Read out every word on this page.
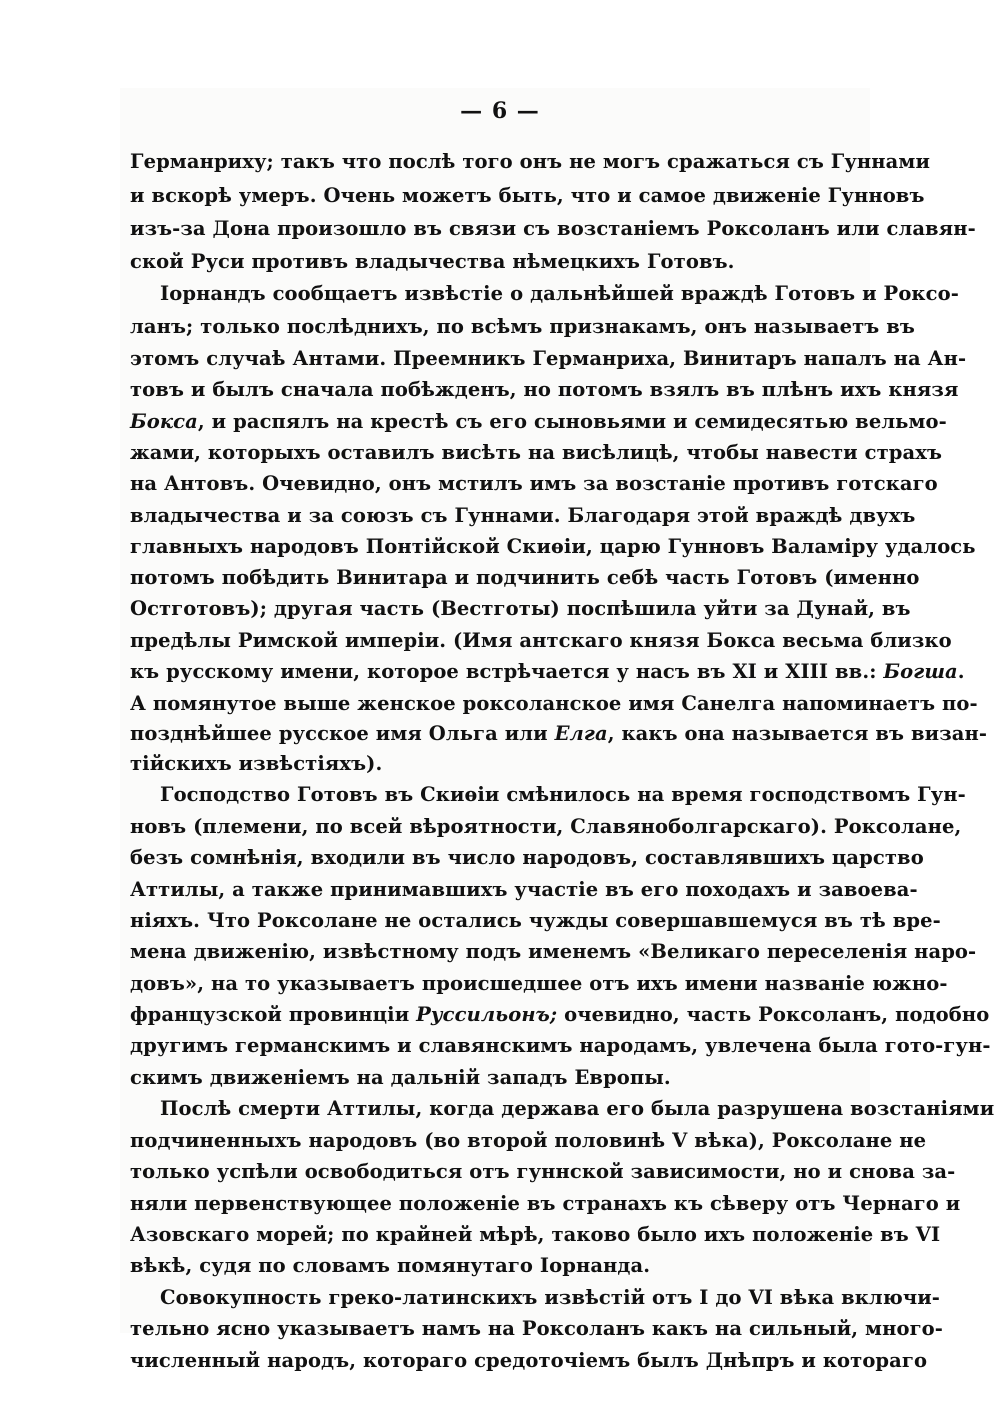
— 6 —
Германриху; такъ что послѣ того онъ не могъ сражаться съ Гуннами
и вскорѣ умеръ. Очень можетъ быть, что и самое движеніе Гунновъ
изъ-за Дона произошло въ связи съ возстаніемъ Роксоланъ или славян-
ской Руси противъ владычества нѣмецкихъ Готовъ.
Іорнандъ сообщаетъ извѣстіе о дальнѣйшей враждѣ Готовъ и Роксо-
ланъ; только послѣднихъ, по всѣмъ признакамъ, онъ называетъ въ
этомъ случаѣ Антами. Преемникъ Германриха, Винитаръ напалъ на Ан-
товъ и былъ сначала побѣжденъ, но потомъ взялъ въ плѣнъ ихъ князя
Бокса, и распялъ на крестѣ съ его сыновьями и семидесятью вельмо-
жами, которыхъ оставилъ висѣть на висѣлицѣ, чтобы навести страхъ
на Антовъ. Очевидно, онъ мстилъ имъ за возстаніе противъ готскаго
владычества и за союзъ съ Гуннами. Благодаря этой враждѣ двухъ
главныхъ народовъ Понтійской Скиѳіи, царю Гунновъ Валаміру удалось
потомъ побѣдить Винитара и подчинить себѣ часть Готовъ (именно
Остготовъ); другая часть (Вестготы) поспѣшила уйти за Дунай, въ
предѣлы Римской имперіи. (Имя антскаго князя Бокса весьма близко
къ русскому имени, которое встрѣчается у насъ въ XI и XIII вв.: Богша.
А помянутое выше женское роксоланское имя Санелга напоминаетъ по-
позднѣйшее русское имя Ольга или Елга, какъ она называется въ визан-
тійскихъ извѣстіяхъ).
Господство Готовъ въ Скиѳіи смѣнилось на время господствомъ Гун-
новъ (племени, по всей вѣроятности, Славяноболгарскаго). Роксолане,
безъ сомнѣнія, входили въ число народовъ, составлявшихъ царство
Аттилы, а также принимавшихъ участіе въ его походахъ и завоева-
ніяхъ. Что Роксолане не остались чужды совершавшемуся въ тѣ вре-
мена движенію, извѣстному подъ именемъ «Великаго переселенія наро-
довъ», на то указываетъ происшедшее отъ ихъ имени названіе южно-
французской провинціи Руссильонъ; очевидно, часть Роксоланъ, подобно
другимъ германскимъ и славянскимъ народамъ, увлечена была гото-гун-
скимъ движеніемъ на дальній западъ Европы.
Послѣ смерти Аттилы, когда держава его была разрушена возстаніями
подчиненныхъ народовъ (во второй половинѣ V вѣка), Роксолане не
только успѣли освободиться отъ гуннской зависимости, но и снова за-
няли первенствующее положеніе въ странахъ къ сѣверу отъ Чернаго и
Азовскаго морей; по крайней мѣрѣ, таково было ихъ положеніе въ VI
вѣкѣ, судя по словамъ помянутаго Іорнанда.
Совокупность греко-латинскихъ извѣстій отъ I до VI вѣка включи-
тельно ясно указываетъ намъ на Роксоланъ какъ на сильный, много-
численный народъ, котораго средоточіемъ былъ Днѣпръ и котораго
